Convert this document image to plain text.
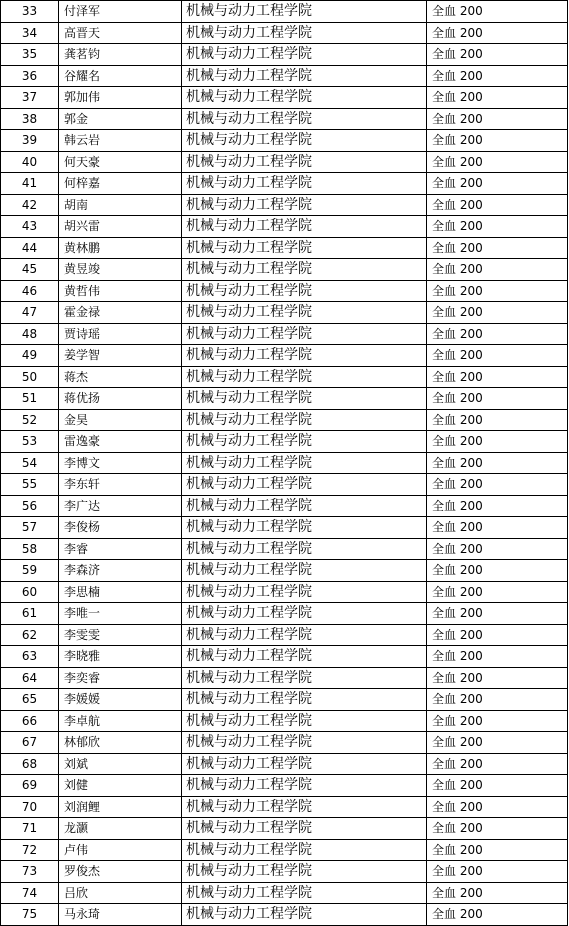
33	付泽军	机械与动力工程学院	全血 200
34	高晋天	机械与动力工程学院	全血 200
35	龚茗钧	机械与动力工程学院	全血 200
36	谷耀名	机械与动力工程学院	全血 200
37	郭加伟	机械与动力工程学院	全血 200
38	郭金	机械与动力工程学院	全血 200
39	韩云岩	机械与动力工程学院	全血 200
40	何天豪	机械与动力工程学院	全血 200
41	何梓嘉	机械与动力工程学院	全血 200
42	胡南	机械与动力工程学院	全血 200
43	胡兴雷	机械与动力工程学院	全血 200
44	黄林鹏	机械与动力工程学院	全血 200
45	黄昱竣	机械与动力工程学院	全血 200
46	黄哲伟	机械与动力工程学院	全血 200
47	霍金禄	机械与动力工程学院	全血 200
48	贾诗瑶	机械与动力工程学院	全血 200
49	姜学智	机械与动力工程学院	全血 200
50	蒋杰	机械与动力工程学院	全血 200
51	蒋优扬	机械与动力工程学院	全血 200
52	金昊	机械与动力工程学院	全血 200
53	雷逸豪	机械与动力工程学院	全血 200
54	李博文	机械与动力工程学院	全血 200
55	李东轩	机械与动力工程学院	全血 200
56	李广达	机械与动力工程学院	全血 200
57	李俊杨	机械与动力工程学院	全血 200
58	李睿	机械与动力工程学院	全血 200
59	李森济	机械与动力工程学院	全血 200
60	李思楠	机械与动力工程学院	全血 200
61	李唯一	机械与动力工程学院	全血 200
62	李雯雯	机械与动力工程学院	全血 200
63	李晓雅	机械与动力工程学院	全血 200
64	李奕睿	机械与动力工程学院	全血 200
65	李媛媛	机械与动力工程学院	全血 200
66	李卓航	机械与动力工程学院	全血 200
67	林郁欣	机械与动力工程学院	全血 200
68	刘斌	机械与动力工程学院	全血 200
69	刘健	机械与动力工程学院	全血 200
70	刘润鲤	机械与动力工程学院	全血 200
71	龙灏	机械与动力工程学院	全血 200
72	卢伟	机械与动力工程学院	全血 200
73	罗俊杰	机械与动力工程学院	全血 200
74	吕欣	机械与动力工程学院	全血 200
75	马永琦	机械与动力工程学院	全血 200
